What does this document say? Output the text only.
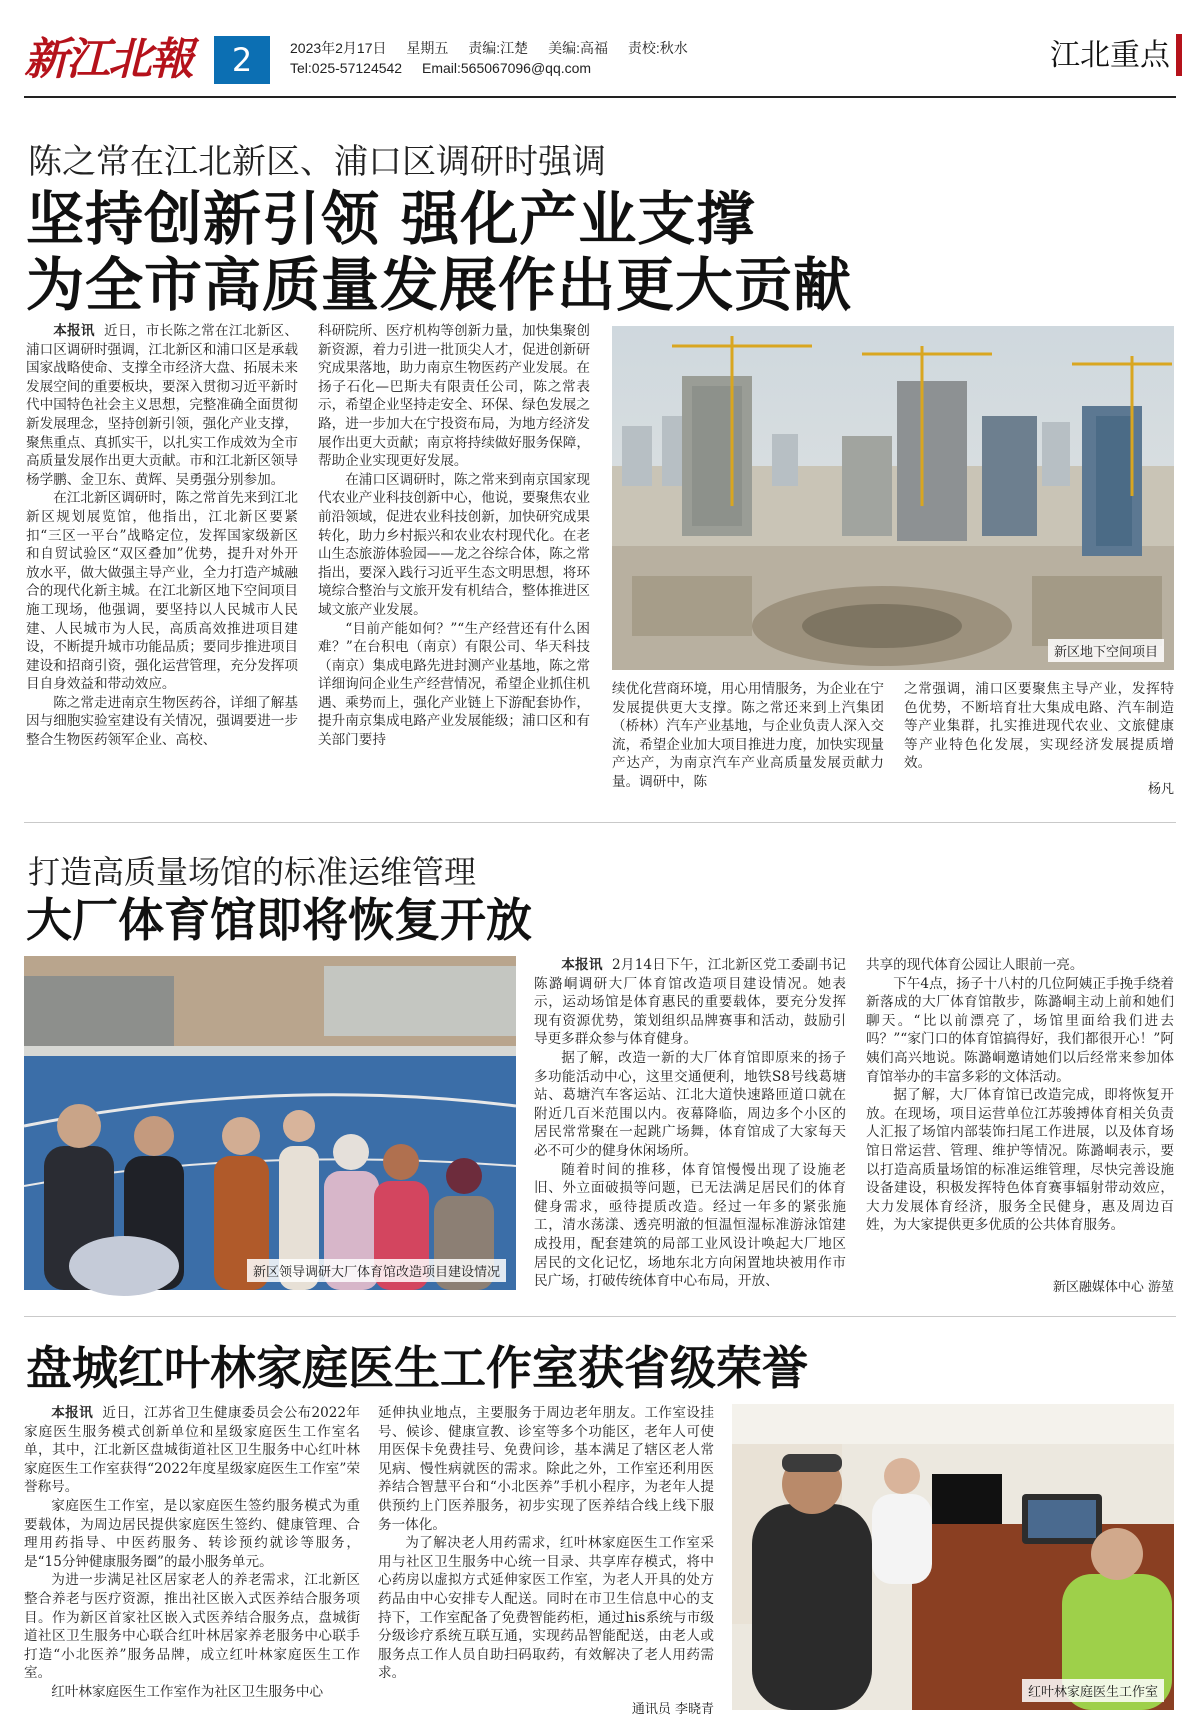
新江北報	2	2023年2月17日 星期五 责编:江楚 美编:高福 责校:秋水
Tel:025-57124542 Email:565067096@qq.com	江北重点
陈之常在江北新区、浦口区调研时强调
坚持创新引领 强化产业支撑
为全市高质量发展作出更大贡献

本报讯 近日，市长陈之常在江北新区、浦口区调研时强调，江北新区和浦口区是承载国家战略使命、支撑全市经济大盘、拓展未来发展空间的重要板块，要深入贯彻习近平新时代中国特色社会主义思想，完整准确全面贯彻新发展理念，坚持创新引领，强化产业支撑，聚焦重点、真抓实干，以扎实工作成效为全市高质量发展作出更大贡献。市和江北新区领导杨学鹏、金卫东、黄辉、吴勇强分别参加。

在江北新区调研时，陈之常首先来到江北新区规划展览馆，他指出，江北新区要紧扣“三区一平台”战略定位，发挥国家级新区和自贸试验区“双区叠加”优势，提升对外开放水平，做大做强主导产业，全力打造产城融合的现代化新主城。在江北新区地下空间项目施工现场，他强调，要坚持以人民城市人民建、人民城市为人民，高质高效推进项目建设，不断提升城市功能品质；要同步推进项目建设和招商引资，强化运营管理，充分发挥项目自身效益和带动效应。

陈之常走进南京生物医药谷，详细了解基因与细胞实验室建设有关情况，强调要进一步整合生物医药领军企业、高校、

科研院所、医疗机构等创新力量，加快集聚创新资源，着力引进一批顶尖人才，促进创新研究成果落地，助力南京生物医药产业发展。在扬子石化—巴斯夫有限责任公司，陈之常表示，希望企业坚持走安全、环保、绿色发展之路，进一步加大在宁投资布局，为地方经济发展作出更大贡献；南京将持续做好服务保障，帮助企业实现更好发展。

在浦口区调研时，陈之常来到南京国家现代农业产业科技创新中心，他说，要聚焦农业前沿领域，促进农业科技创新，加快研究成果转化，助力乡村振兴和农业农村现代化。在老山生态旅游体验园——龙之谷综合体，陈之常指出，要深入践行习近平生态文明思想，将环境综合整治与文旅开发有机结合，整体推进区域文旅产业发展。

“目前产能如何？”“生产经营还有什么困难？”在台积电（南京）有限公司、华天科技（南京）集成电路先进封测产业基地，陈之常详细询问企业生产经营情况，希望企业抓住机遇、乘势而上，强化产业链上下游配套协作，提升南京集成电路产业发展能级；浦口区和有关部门要持

新区地下空间项目

续优化营商环境，用心用情服务，为企业在宁发展提供更大支撑。陈之常还来到上汽集团（桥林）汽车产业基地，与企业负责人深入交流，希望企业加大项目推进力度，加快实现量产达产，为南京汽车产业高质量发展贡献力量。调研中，陈

之常强调，浦口区要聚焦主导产业，发挥特色优势，不断培育壮大集成电路、汽车制造等产业集群，扎实推进现代农业、文旅健康等产业特色化发展，实现经济发展提质增效。

杨凡
打造高质量场馆的标准运维管理
大厂体育馆即将恢复开放
新区领导调研大厂体育馆改造项目建设情况

本报讯 2月14日下午，江北新区党工委副书记陈潞峒调研大厂体育馆改造项目建设情况。她表示，运动场馆是体育惠民的重要载体，要充分发挥现有资源优势，策划组织品牌赛事和活动，鼓励引导更多群众参与体育健身。

据了解，改造一新的大厂体育馆即原来的扬子多功能活动中心，这里交通便利，地铁S8号线葛塘站、葛塘汽车客运站、江北大道快速路匝道口就在附近几百米范围以内。夜幕降临，周边多个小区的居民常常聚在一起跳广场舞，体育馆成了大家每天必不可少的健身休闲场所。

随着时间的推移，体育馆慢慢出现了设施老旧、外立面破损等问题，已无法满足居民们的体育健身需求，亟待提质改造。经过一年多的紧张施工，清水荡漾、透亮明澈的恒温恒湿标准游泳馆建成投用，配套建筑的局部工业风设计唤起大厂地区居民的文化记忆，场地东北方向闲置地块被用作市民广场，打破传统体育中心布局，开放、

共享的现代体育公园让人眼前一亮。

下午4点，扬子十八村的几位阿姨正手挽手绕着新落成的大厂体育馆散步，陈潞峒主动上前和她们聊天。“比以前漂亮了，场馆里面给我们进去吗？”“家门口的体育馆搞得好，我们都很开心！”阿姨们高兴地说。陈潞峒邀请她们以后经常来参加体育馆举办的丰富多彩的文体活动。

据了解，大厂体育馆已改造完成，即将恢复开放。在现场，项目运营单位江苏骏搏体育相关负责人汇报了场馆内部装饰扫尾工作进展，以及体育场馆日常运营、管理、维护等情况。陈潞峒表示，要以打造高质量场馆的标准运维管理，尽快完善设施设备建设，积极发挥特色体育赛事辐射带动效应，大力发展体育经济，服务全民健身，惠及周边百姓，为大家提供更多优质的公共体育服务。

新区融媒体中心 游堃
盘城红叶林家庭医生工作室获省级荣誉

本报讯 近日，江苏省卫生健康委员会公布2022年家庭医生服务模式创新单位和星级家庭医生工作室名单，其中，江北新区盘城街道社区卫生服务中心红叶林家庭医生工作室获得“2022年度星级家庭医生工作室”荣誉称号。

家庭医生工作室，是以家庭医生签约服务模式为重要载体，为周边居民提供家庭医生签约、健康管理、合理用药指导、中医药服务、转诊预约就诊等服务，是“15分钟健康服务圈”的最小服务单元。

为进一步满足社区居家老人的养老需求，江北新区整合养老与医疗资源，推出社区嵌入式医养结合服务项目。作为新区首家社区嵌入式医养结合服务点，盘城街道社区卫生服务中心联合红叶林居家养老服务中心联手打造“小北医养”服务品牌，成立红叶林家庭医生工作室。

红叶林家庭医生工作室作为社区卫生服务中心

延伸执业地点，主要服务于周边老年朋友。工作室设挂号、候诊、健康宣教、诊室等多个功能区，老年人可使用医保卡免费挂号、免费问诊，基本满足了辖区老人常见病、慢性病就医的需求。除此之外，工作室还利用医养结合智慧平台和“小北医养”手机小程序，为老年人提供预约上门医养服务，初步实现了医养结合线上线下服务一体化。

为了解决老人用药需求，红叶林家庭医生工作室采用与社区卫生服务中心统一目录、共享库存模式，将中心药房以虚拟方式延伸家医工作室，为老人开具的处方药品由中心安排专人配送。同时在市卫生信息中心的支持下，工作室配备了免费智能药柜，通过his系统与市级分级诊疗系统互联互通，实现药品智能配送，由老人或服务点工作人员自助扫码取药，有效解决了老人用药需求。

通讯员 李晓青
红叶林家庭医生工作室
